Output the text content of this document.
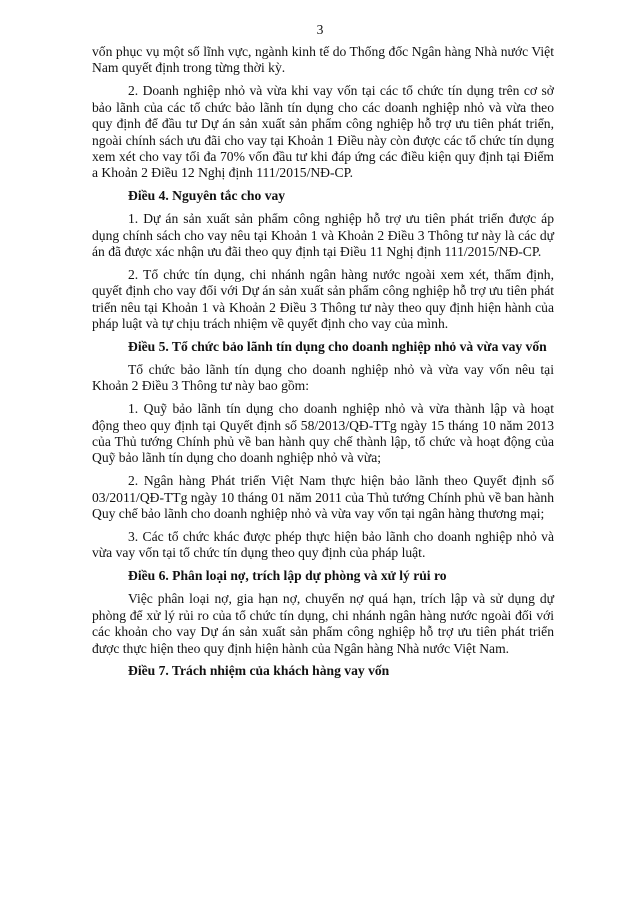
3

vốn phục vụ một số lĩnh vực, ngành kinh tế do Thống đốc Ngân hàng Nhà nước Việt Nam quyết định trong từng thời kỳ.

2. Doanh nghiệp nhỏ và vừa khi vay vốn tại các tổ chức tín dụng trên cơ sở bảo lãnh của các tổ chức bảo lãnh tín dụng cho các doanh nghiệp nhỏ và vừa theo quy định để đầu tư Dự án sản xuất sản phẩm công nghiệp hỗ trợ ưu tiên phát triển, ngoài chính sách ưu đãi cho vay tại Khoản 1 Điều này còn được các tổ chức tín dụng xem xét cho vay tối đa 70% vốn đầu tư khi đáp ứng các điều kiện quy định tại Điểm a Khoản 2 Điều 12 Nghị định 111/2015/NĐ-CP.

Điều 4. Nguyên tắc cho vay

1. Dự án sản xuất sản phẩm công nghiệp hỗ trợ ưu tiên phát triển được áp dụng chính sách cho vay nêu tại Khoản 1 và Khoản 2 Điều 3 Thông tư này là các dự án đã được xác nhận ưu đãi theo quy định tại Điều 11 Nghị định 111/2015/NĐ-CP.

2. Tổ chức tín dụng, chi nhánh ngân hàng nước ngoài xem xét, thẩm định, quyết định cho vay đối với Dự án sản xuất sản phẩm công nghiệp hỗ trợ ưu tiên phát triển nêu tại Khoản 1 và Khoản 2 Điều 3 Thông tư này theo quy định hiện hành của pháp luật và tự chịu trách nhiệm về quyết định cho vay của mình.

Điều 5. Tổ chức bảo lãnh tín dụng cho doanh nghiệp nhỏ và vừa vay vốn

Tổ chức bảo lãnh tín dụng cho doanh nghiệp nhỏ và vừa vay vốn nêu tại Khoản 2 Điều 3 Thông tư này bao gồm:

1. Quỹ bảo lãnh tín dụng cho doanh nghiệp nhỏ và vừa thành lập và hoạt động theo quy định tại Quyết định số 58/2013/QĐ-TTg ngày 15 tháng 10 năm 2013 của Thủ tướng Chính phủ về ban hành quy chế thành lập, tổ chức và hoạt động của Quỹ bảo lãnh tín dụng cho doanh nghiệp nhỏ và vừa;

2. Ngân hàng Phát triển Việt Nam thực hiện bảo lãnh theo Quyết định số 03/2011/QĐ-TTg ngày 10 tháng 01 năm 2011 của Thủ tướng Chính phủ về ban hành Quy chế bảo lãnh cho doanh nghiệp nhỏ và vừa vay vốn tại ngân hàng thương mại;

3. Các tổ chức khác được phép thực hiện bảo lãnh cho doanh nghiệp nhỏ và vừa vay vốn tại tổ chức tín dụng theo quy định của pháp luật.

Điều 6. Phân loại nợ, trích lập dự phòng và xử lý rủi ro

Việc phân loại nợ, gia hạn nợ, chuyển nợ quá hạn, trích lập và sử dụng dự phòng để xử lý rủi ro của tổ chức tín dụng, chi nhánh ngân hàng nước ngoài đối với các khoản cho vay Dự án sản xuất sản phẩm công nghiệp hỗ trợ ưu tiên phát triển được thực hiện theo quy định hiện hành của Ngân hàng Nhà nước Việt Nam.

Điều 7. Trách nhiệm của khách hàng vay vốn
